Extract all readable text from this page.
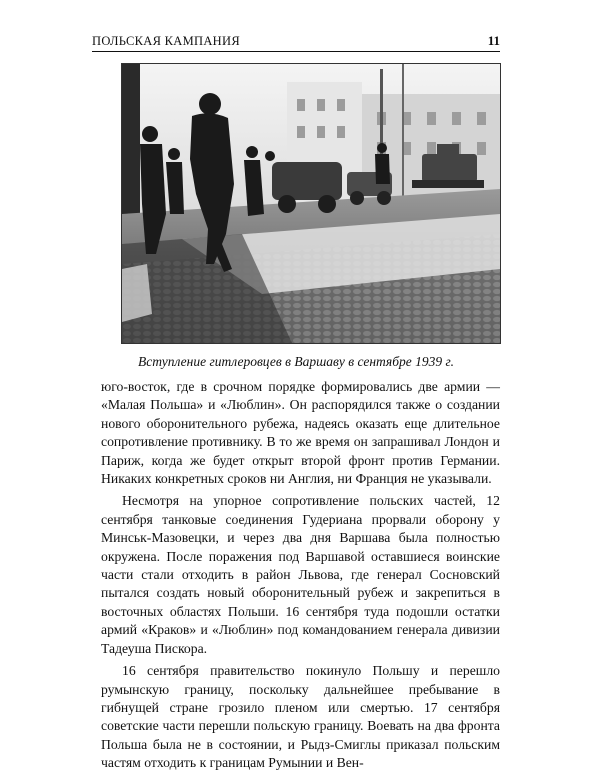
ПОЛЬСКАЯ КАМПАНИЯ	11
Вступление гитлеровцев в Варшаву в сентябре 1939 г.

юго-восток, где в срочном порядке формировались две армии — «Малая Польша» и «Люблин». Он распорядился также о создании нового оборонительного рубежа, надеясь оказать еще длительное сопротивление противнику. В то же время он запрашивал Лондон и Париж, когда же будет открыт второй фронт против Германии. Никаких конкретных сроков ни Англия, ни Франция не указывали.

Несмотря на упорное сопротивление польских частей, 12 сентября танковые соединения Гудериана прорвали оборону у Минськ-Мазовецки, и через два дня Варшава была полностью окружена. После поражения под Варшавой оставшиеся воинские части стали отходить в район Львова, где генерал Сосновский пытался создать новый оборонительный рубеж и закрепиться в восточных областях Польши. 16 сентября туда подошли остатки армий «Краков» и «Люблин» под командованием генерала дивизии Тадеуша Пискора.

16 сентября правительство покинуло Польшу и перешло румынскую границу, поскольку дальнейшее пребывание в гибнущей стране грозило пленом или смертью. 17 сентября советские части перешли польскую границу. Воевать на два фронта Польша была не в состоянии, и Рыдз-Смиглы приказал польским частям отходить к границам Румынии и Вен-
